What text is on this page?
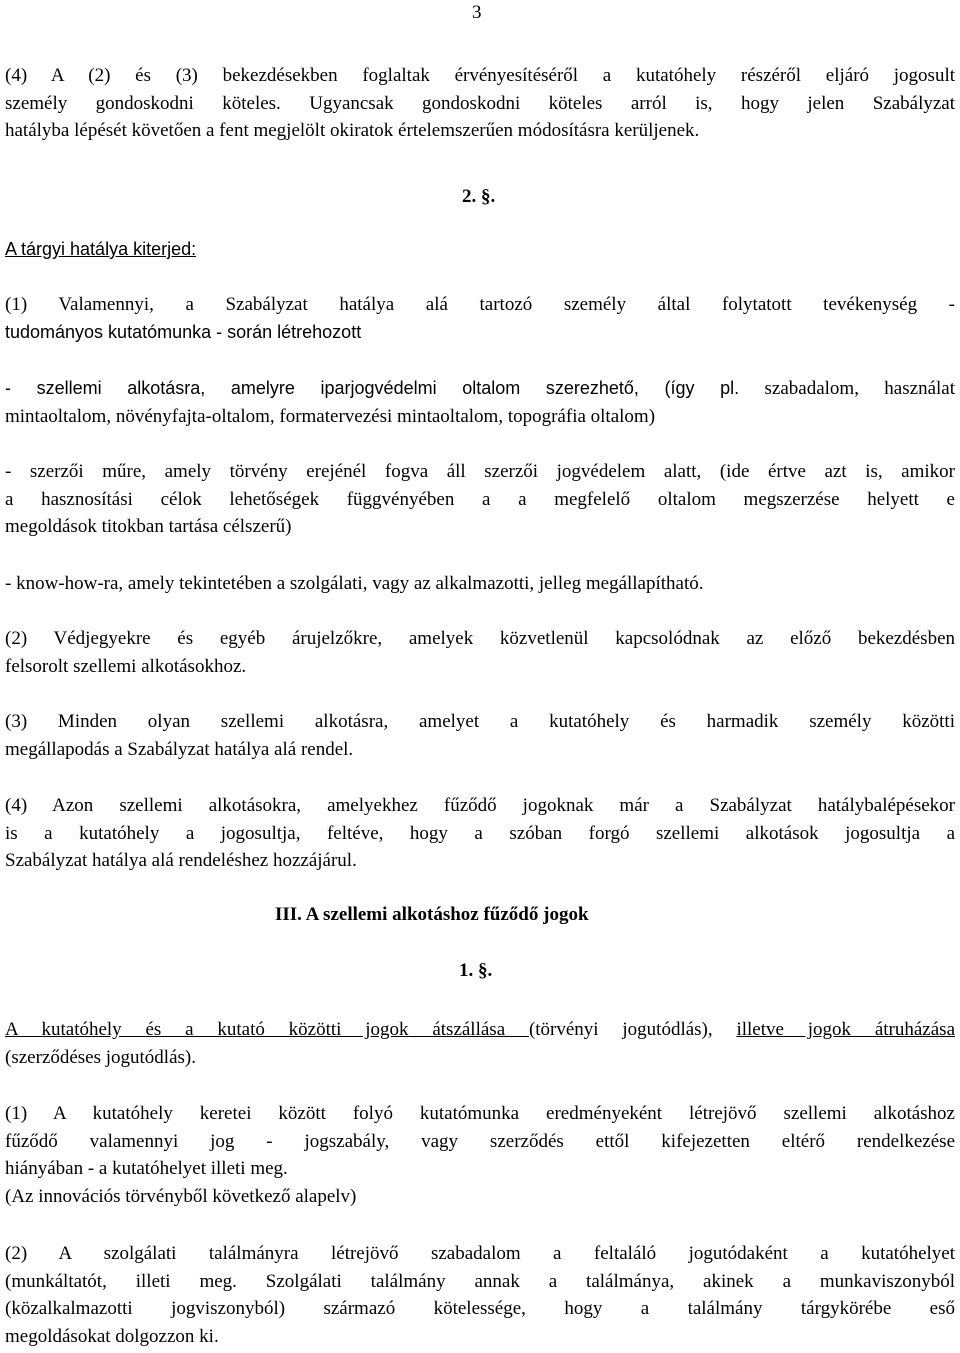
3
(4) A (2) és (3) bekezdésekben foglaltak érvényesítéséről a kutatóhely részéről eljáró jogosult
személy gondoskodni köteles. Ugyancsak gondoskodni köteles arról is, hogy jelen Szabályzat
hatályba lépését követően a fent megjelölt okiratok értelemszerűen módosításra kerüljenek.
2. §.
A tárgyi hatálya kiterjed:
(1) Valamennyi, a Szabályzat hatálya alá tartozó személy által folytatott tevékenység -
tudományos kutatómunka - során létrehozott
- szellemi alkotásra, amelyre iparjogvédelmi oltalom szerezhető, (így pl. szabadalom, használat
mintaoltalom, növényfajta-oltalom, formatervezési mintaoltalom, topográfia oltalom)
- szerzői műre, amely törvény erejénél fogva áll szerzői jogvédelem alatt, (ide értve azt is, amikor
a hasznosítási célok lehetőségek függvényében a a megfelelő oltalom megszerzése helyett e
megoldások titokban tartása célszerű)
- know-how-ra, amely tekintetében a szolgálati, vagy az alkalmazotti, jelleg megállapítható.
(2) Védjegyekre és egyéb árujelzőkre, amelyek közvetlenül kapcsolódnak az előző bekezdésben
felsorolt szellemi alkotásokhoz.
(3) Minden olyan szellemi alkotásra, amelyet a kutatóhely és harmadik személy közötti
megállapodás a Szabályzat hatálya alá rendel.
(4) Azon szellemi alkotásokra, amelyekhez fűződő jogoknak már a Szabályzat hatálybalépésekor
is a kutatóhely a jogosultja, feltéve, hogy a szóban forgó szellemi alkotások jogosultja a
Szabályzat hatálya alá rendeléshez hozzájárul.
III. A szellemi alkotáshoz fűződő jogok
1. §.
A kutatóhely és a kutató közötti jogok átszállása (törvényi jogutódlás), illetve jogok átruházása
(szerződéses jogutódlás).
(1) A kutatóhely keretei között folyó kutatómunka eredményeként létrejövő szellemi alkotáshoz
fűződő valamennyi jog - jogszabály, vagy szerződés ettől kifejezetten eltérő rendelkezése
hiányában - a kutatóhelyet illeti meg.
(Az innovációs törvényből következő alapelv)
(2) A szolgálati találmányra létrejövő szabadalom a feltaláló jogutódaként a kutatóhelyet
(munkáltatót, illeti meg. Szolgálati találmány annak a találmánya, akinek a munkaviszonyból
(közalkalmazotti jogviszonyból) származó kötelessége, hogy a találmány tárgykörébe eső
megoldásokat dolgozzon ki.
